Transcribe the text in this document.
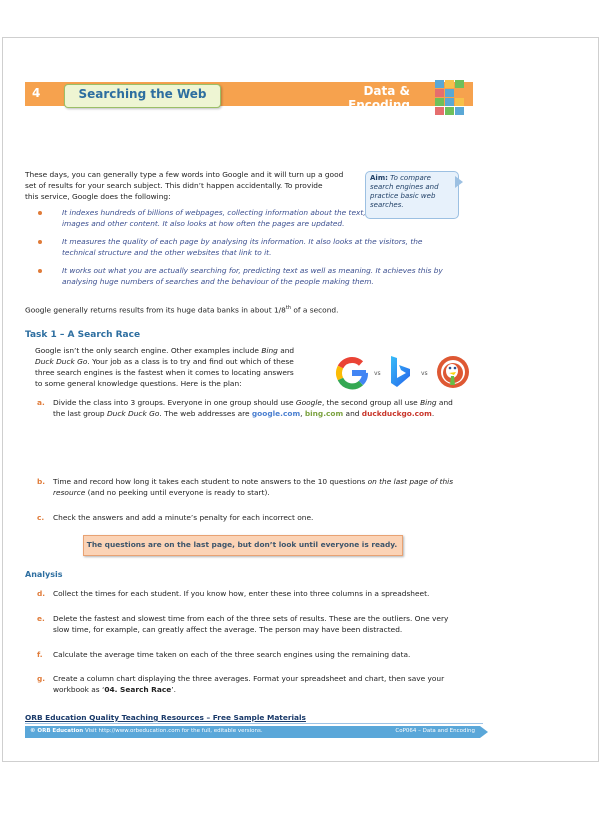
4	Searching the Web	Data & Encoding
These days, you can generally type a few words into Google and it will turn up a good
set of results for your search subject. This didn’t happen accidentally. To provide
this service, Google does the following:
Aim: To compare search engines and practice basic web searches.
It indexes hundreds of billions of webpages, collecting information about the text,
images and other content. It also looks at how often the pages are updated.
It measures the quality of each page by analysing its information. It also looks at the visitors, the
technical structure and the other websites that link to it.
It works out what you are actually searching for, predicting text as well as meaning. It achieves this by
analysing huge numbers of searches and the behaviour of the people making them.
Google generally returns results from its huge data banks in about 1/8th of a second.
Task 1 – A Search Race
Google isn’t the only search engine. Other examples include Bing and
Duck Duck Go. Your job as a class is to try and find out which of these
three search engines is the fastest when it comes to locating answers
to some general knowledge questions. Here is the plan:
vs	vs
a. Divide the class into 3 groups. Everyone in one group should use Google, the second group all use Bing and
the last group Duck Duck Go. The web addresses are google.com, bing.com and duckduckgo.com.
b. Time and record how long it takes each student to note answers to the 10 questions on the last page of this
resource (and no peeking until everyone is ready to start).
c. Check the answers and add a minute’s penalty for each incorrect one.
The questions are on the last page, but don’t look until everyone is ready.
Analysis
d. Collect the times for each student. If you know how, enter these into three columns in a spreadsheet.
e. Delete the fastest and slowest time from each of the three sets of results. These are the outliers. One very
slow time, for example, can greatly affect the average. The person may have been distracted.
f. Calculate the average time taken on each of the three search engines using the remaining data.
g. Create a column chart displaying the three averages. Format your spreadsheet and chart, then save your
workbook as ‘04. Search Race’.
ORB Education Quality Teaching Resources – Free Sample Materials
© ORB Education Visit http://www.orbeducation.com for the full, editable versions.	CoP064 – Data and Encoding
